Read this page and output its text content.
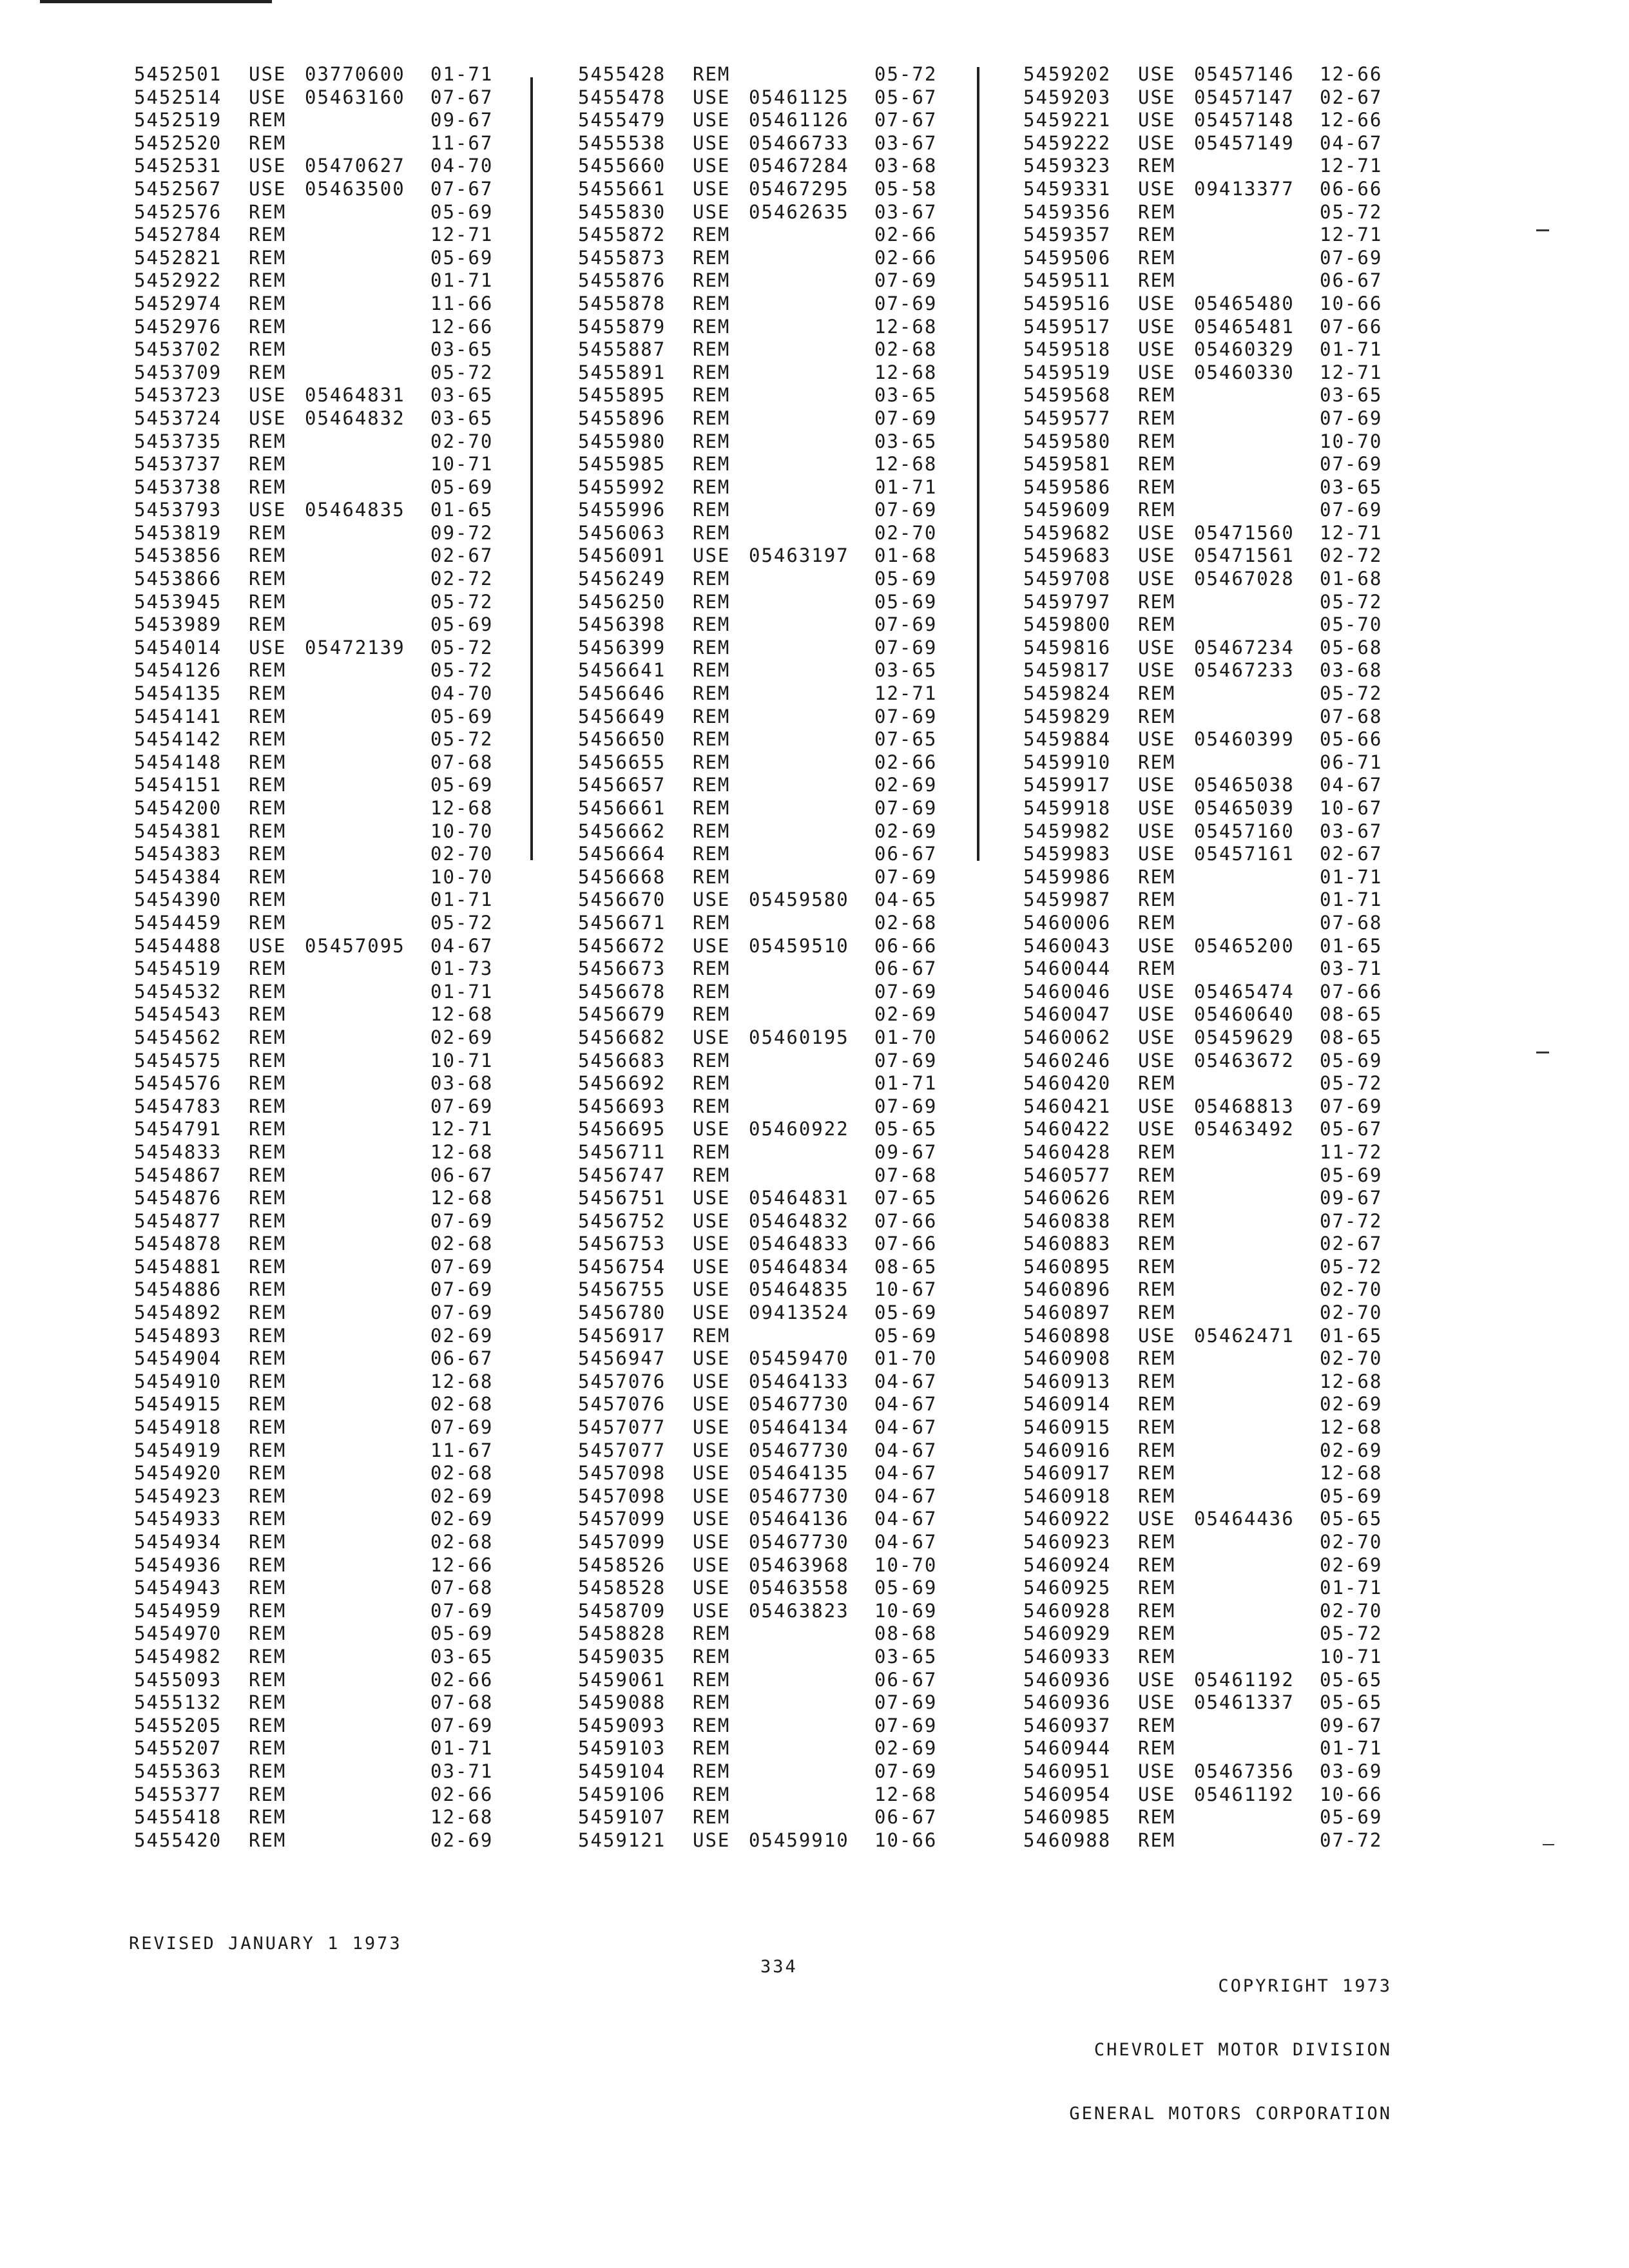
5452501 USE 03770600 01-71
5452514 USE 05463160 07-67
5452519 REM	09-67
5452520 REM	11-67
5452531 USE 05470627 04-70
5452567 USE 05463500 07-67
5452576 REM	05-69
5452784 REM	12-71
5452821 REM	05-69
5452922 REM	01-71
5452974 REM	11-66
5452976 REM	12-66
5453702 REM	03-65
5453709 REM	05-72
5453723 USE 05464831 03-65
5453724 USE 05464832 03-65
5453735 REM	02-70
5453737 REM	10-71
5453738 REM	05-69
5453793 USE 05464835 01-65
5453819 REM	09-72
5453856 REM	02-67
5453866 REM	02-72
5453945 REM	05-72
5453989 REM	05-69
5454014 USE 05472139 05-72
5454126 REM	05-72
5454135 REM	04-70
5454141 REM	05-69
5454142 REM	05-72
5454148 REM	07-68
5454151 REM	05-69
5454200 REM	12-68
5454381 REM	10-70
5454383 REM	02-70
5454384 REM	10-70
5454390 REM	01-71
5454459 REM	05-72
5454488 USE 05457095 04-67
5454519 REM	01-73
5454532 REM	01-71
5454543 REM	12-68
5454562 REM	02-69
5454575 REM	10-71
5454576 REM	03-68
5454783 REM	07-69
5454791 REM	12-71
5454833 REM	12-68
5454867 REM	06-67
5454876 REM	12-68
5454877 REM	07-69
5454878 REM	02-68
5454881 REM	07-69
5454886 REM	07-69
5454892 REM	07-69
5454893 REM	02-69
5454904 REM	06-67
5454910 REM	12-68
5454915 REM	02-68
5454918 REM	07-69
5454919 REM	11-67
5454920 REM	02-68
5454923 REM	02-69
5454933 REM	02-69
5454934 REM	02-68
5454936 REM	12-66
5454943 REM	07-68
5454959 REM	07-69
5454970 REM	05-69
5454982 REM	03-65
5455093 REM	02-66
5455132 REM	07-68
5455205 REM	07-69
5455207 REM	01-71
5455363 REM	03-71
5455377 REM	02-66
5455418 REM	12-68
5455420 REM	02-69
5455428 REM	05-72
5455478 USE 05461125 05-67
5455479 USE 05461126 07-67
5455538 USE 05466733 03-67
5455660 USE 05467284 03-68
5455661 USE 05467295 05-58
5455830 USE 05462635 03-67
5455872 REM	02-66
5455873 REM	02-66
5455876 REM	07-69
5455878 REM	07-69
5455879 REM	12-68
5455887 REM	02-68
5455891 REM	12-68
5455895 REM	03-65
5455896 REM	07-69
5455980 REM	03-65
5455985 REM	12-68
5455992 REM	01-71
5455996 REM	07-69
5456063 REM	02-70
5456091 USE 05463197 01-68
5456249 REM	05-69
5456250 REM	05-69
5456398 REM	07-69
5456399 REM	07-69
5456641 REM	03-65
5456646 REM	12-71
5456649 REM	07-69
5456650 REM	07-65
5456655 REM	02-66
5456657 REM	02-69
5456661 REM	07-69
5456662 REM	02-69
5456664 REM	06-67
5456668 REM	07-69
5456670 USE 05459580 04-65
5456671 REM	02-68
5456672 USE 05459510 06-66
5456673 REM	06-67
5456678 REM	07-69
5456679 REM	02-69
5456682 USE 05460195 01-70
5456683 REM	07-69
5456692 REM	01-71
5456693 REM	07-69
5456695 USE 05460922 05-65
5456711 REM	09-67
5456747 REM	07-68
5456751 USE 05464831 07-65
5456752 USE 05464832 07-66
5456753 USE 05464833 07-66
5456754 USE 05464834 08-65
5456755 USE 05464835 10-67
5456780 USE 09413524 05-69
5456917 REM	05-69
5456947 USE 05459470 01-70
5457076 USE 05464133 04-67
5457076 USE 05467730 04-67
5457077 USE 05464134 04-67
5457077 USE 05467730 04-67
5457098 USE 05464135 04-67
5457098 USE 05467730 04-67
5457099 USE 05464136 04-67
5457099 USE 05467730 04-67
5458526 USE 05463968 10-70
5458528 USE 05463558 05-69
5458709 USE 05463823 10-69
5458828 REM	08-68
5459035 REM	03-65
5459061 REM	06-67
5459088 REM	07-69
5459093 REM	07-69
5459103 REM	02-69
5459104 REM	07-69
5459106 REM	12-68
5459107 REM	06-67
5459121 USE 05459910 10-66
5459202 USE 05457146 12-66
5459203 USE 05457147 02-67
5459221 USE 05457148 12-66
5459222 USE 05457149 04-67
5459323 REM	12-71
5459331 USE 09413377 06-66
5459356 REM	05-72
5459357 REM	12-71
5459506 REM	07-69
5459511 REM	06-67
5459516 USE 05465480 10-66
5459517 USE 05465481 07-66
5459518 USE 05460329 01-71
5459519 USE 05460330 12-71
5459568 REM	03-65
5459577 REM	07-69
5459580 REM	10-70
5459581 REM	07-69
5459586 REM	03-65
5459609 REM	07-69
5459682 USE 05471560 12-71
5459683 USE 05471561 02-72
5459708 USE 05467028 01-68
5459797 REM	05-72
5459800 REM	05-70
5459816 USE 05467234 05-68
5459817 USE 05467233 03-68
5459824 REM	05-72
5459829 REM	07-68
5459884 USE 05460399 05-66
5459910 REM	06-71
5459917 USE 05465038 04-67
5459918 USE 05465039 10-67
5459982 USE 05457160 03-67
5459983 USE 05457161 02-67
5459986 REM	01-71
5459987 REM	01-71
5460006 REM	07-68
5460043 USE 05465200 01-65
5460044 REM	03-71
5460046 USE 05465474 07-66
5460047 USE 05460640 08-65
5460062 USE 05459629 08-65
5460246 USE 05463672 05-69
5460420 REM	05-72
5460421 USE 05468813 07-69
5460422 USE 05463492 05-67
5460428 REM	11-72
5460577 REM	05-69
5460626 REM	09-67
5460838 REM	07-72
5460883 REM	02-67
5460895 REM	05-72
5460896 REM	02-70
5460897 REM	02-70
5460898 USE 05462471 01-65
5460908 REM	02-70
5460913 REM	12-68
5460914 REM	02-69
5460915 REM	12-68
5460916 REM	02-69
5460917 REM	12-68
5460918 REM	05-69
5460922 USE 05464436 05-65
5460923 REM	02-70
5460924 REM	02-69
5460925 REM	01-71
5460928 REM	02-70
5460929 REM	05-72
5460933 REM	10-71
5460936 USE 05461192 05-65
5460936 USE 05461337 05-65
5460937 REM	09-67
5460944 REM	01-71
5460951 USE 05467356 03-69
5460954 USE 05461192 10-66
5460985 REM	05-69
5460988 REM	07-72
REVISED JANUARY 1 1973
334

COPYRIGHT 1973

CHEVROLET MOTOR DIVISION

GENERAL MOTORS CORPORATION
